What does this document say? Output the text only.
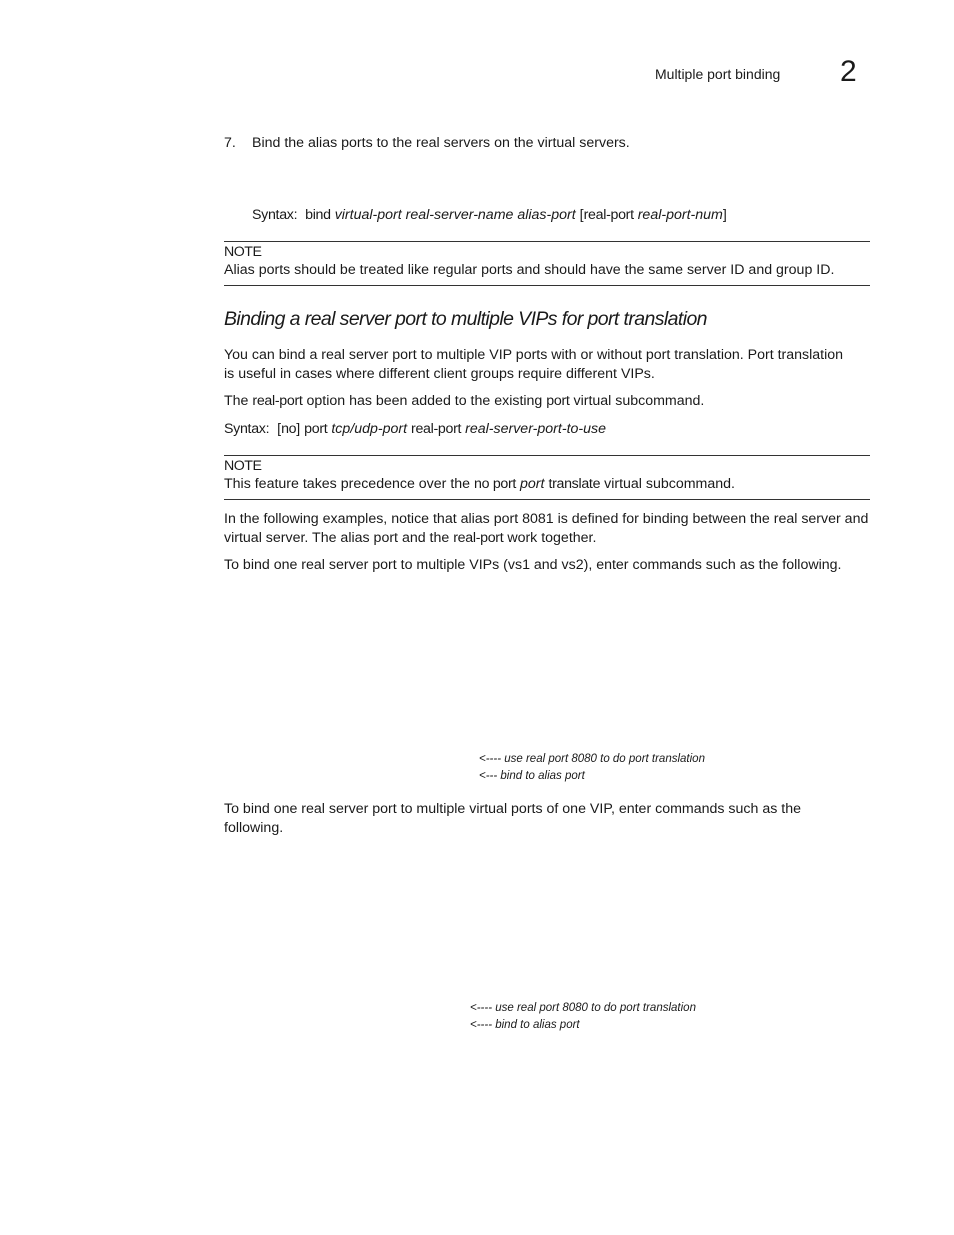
Multiple port binding 2
7. Bind the alias ports to the real servers on the virtual servers.
Syntax: bind virtual-port real-server-name alias-port [real-port real-port-num]
NOTE
Alias ports should be treated like regular ports and should have the same server ID and group ID.
Binding a real server port to multiple VIPs for port translation

You can bind a real server port to multiple VIP ports with or without port translation. Port translation is useful in cases where different client groups require different VIPs.

The real-port option has been added to the existing port virtual subcommand.
Syntax: [no] port tcp/udp-port real-port real-server-port-to-use
NOTE
This feature takes precedence over the no port port translate virtual subcommand.

In the following examples, notice that alias port 8081 is defined for binding between the real server and virtual server. The alias port and the real-port work together.

To bind one real server port to multiple VIPs (vs1 and vs2), enter commands such as the following.
<---- use real port 8080 to do port translation
<--- bind to alias port

To bind one real server port to multiple virtual ports of one VIP, enter commands such as the following.

<---- use real port 8080 to do port translation
<---- bind to alias port
